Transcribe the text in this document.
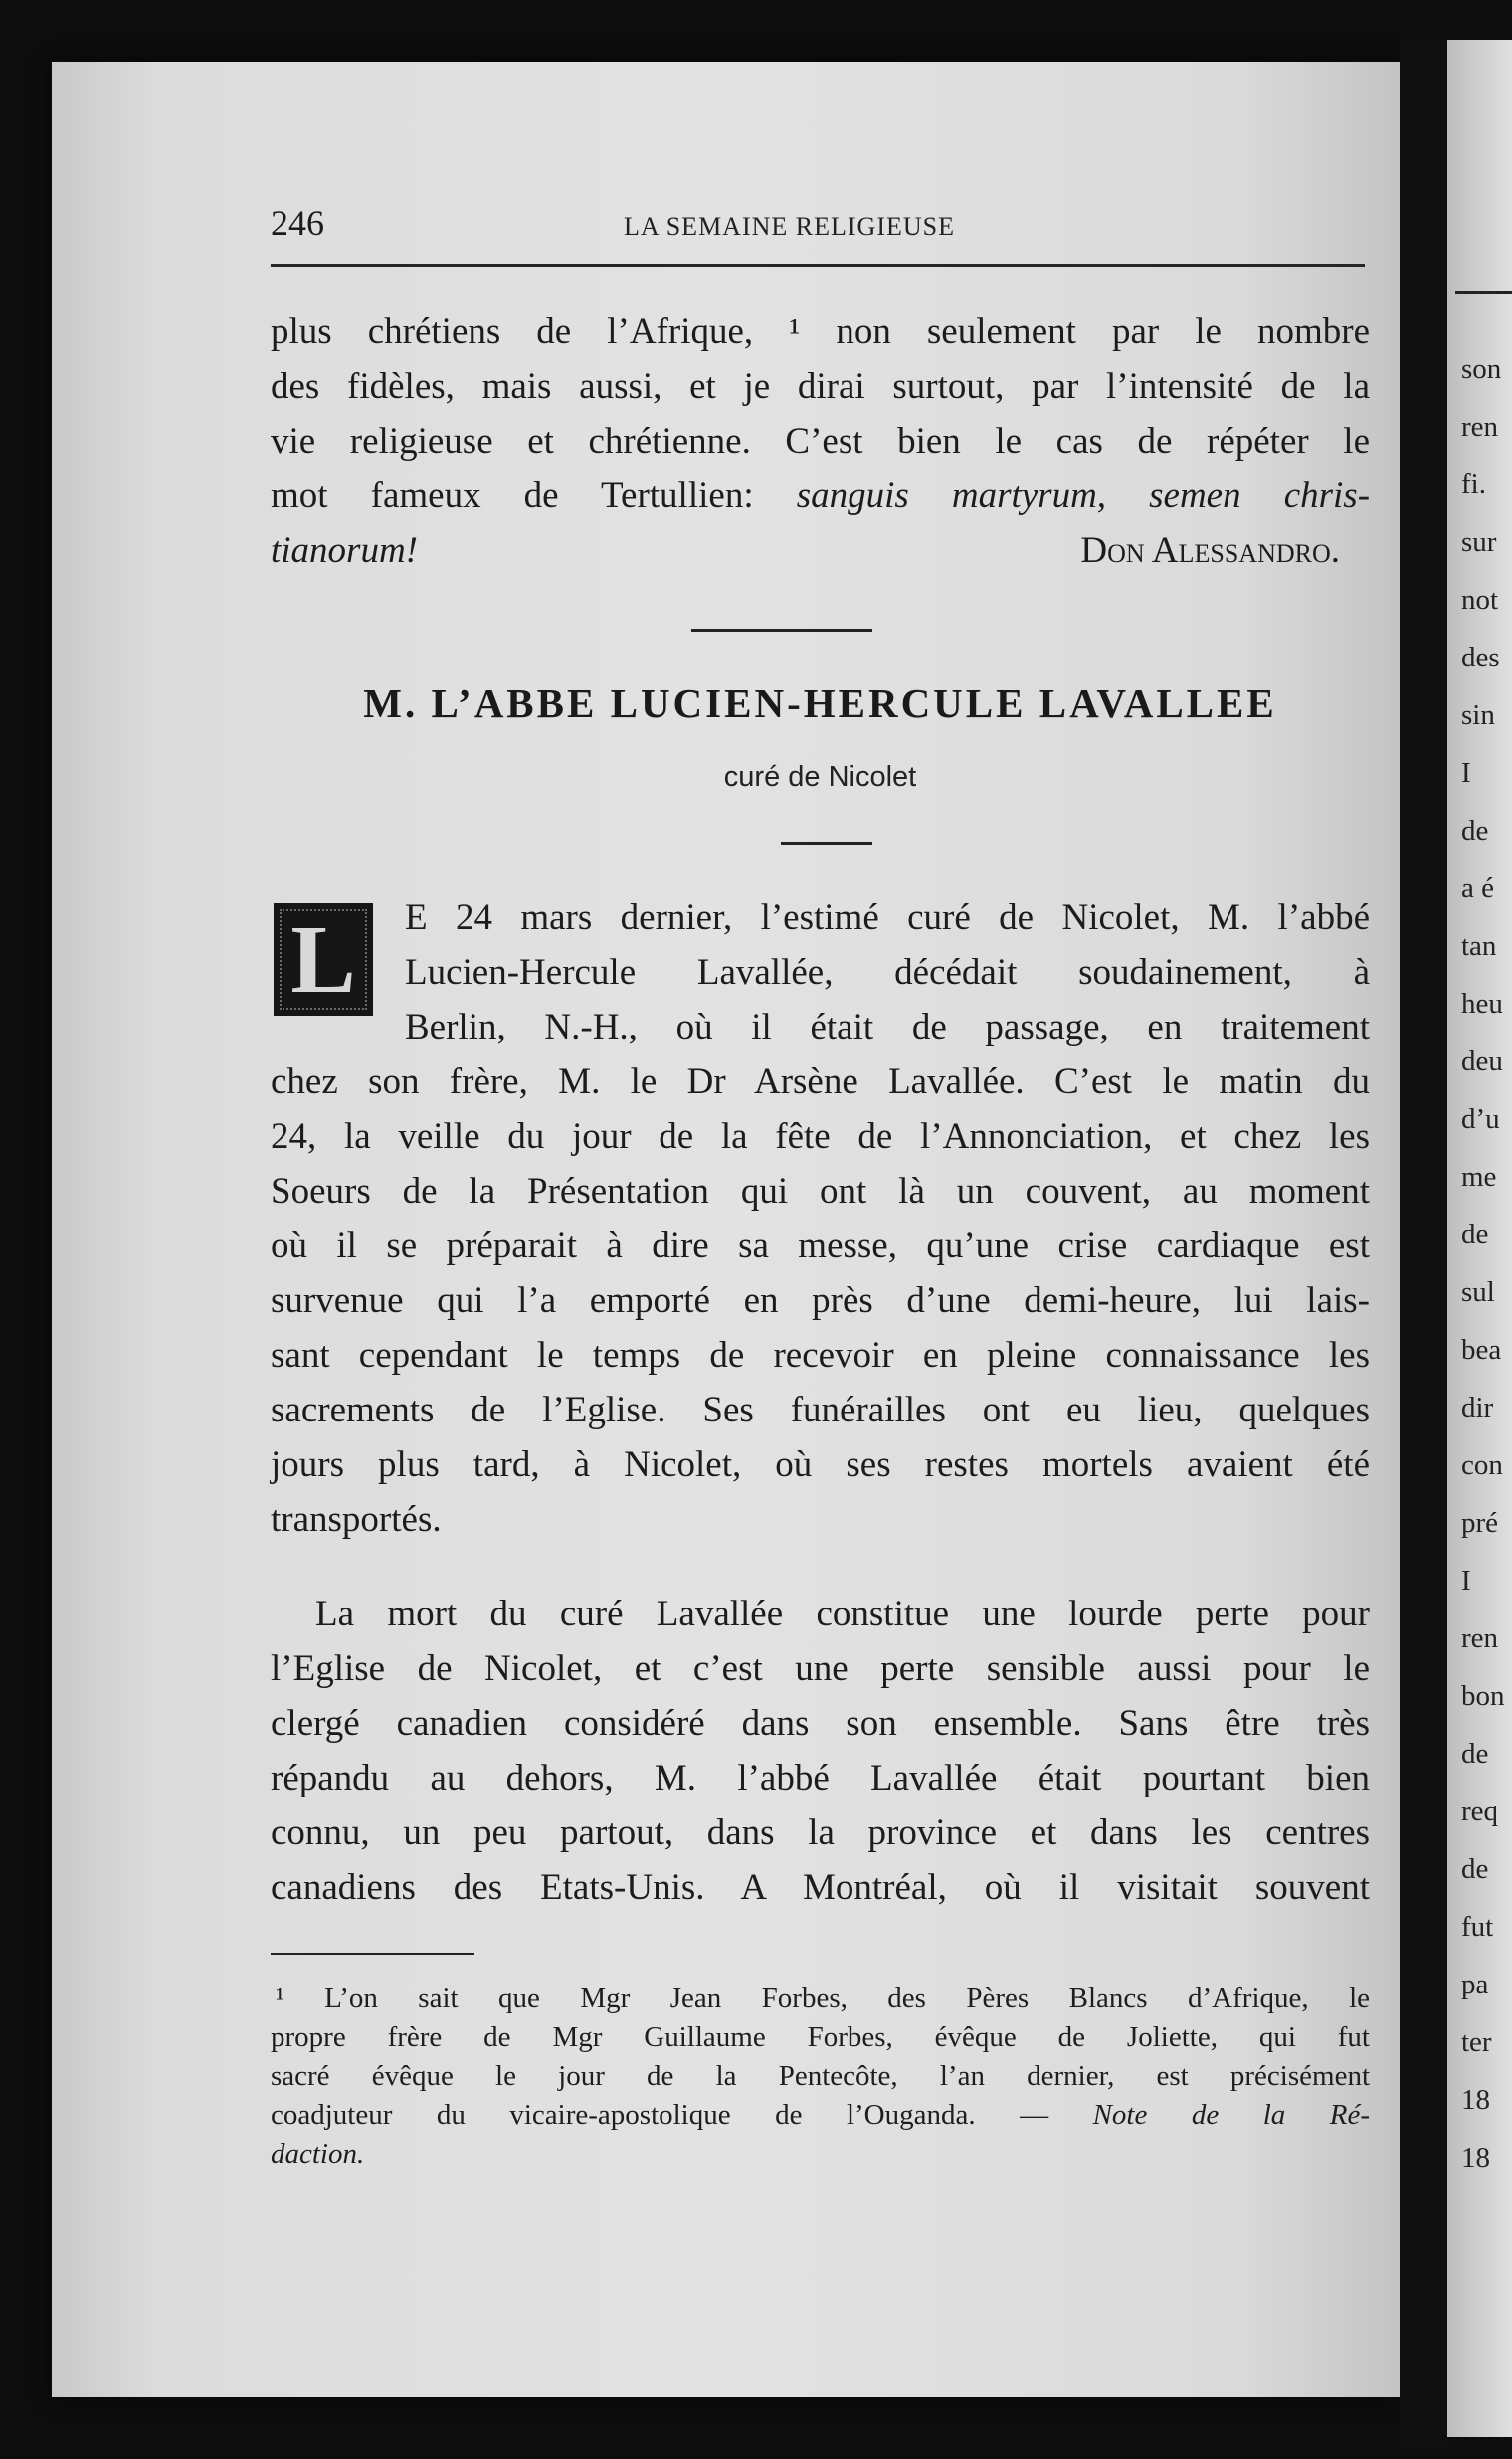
son
ren
fi.
sur
not
des
sin
I
de
a é
tan
heu
deu
d’u
me
de
sul
bea
dir
con
pré
I
ren
bon
de
req
de
fut
pa
ter
18
18
246	LA SEMAINE RELIGIEUSE
plus chrétiens de l’Afrique, ¹ non seulement par le nombre
des fidèles, mais aussi, et je dirai surtout, par l’intensité de la
vie religieuse et chrétienne. C’est bien le cas de répéter le
mot fameux de Tertullien: sanguis martyrum, semen chris-
tianorum!	Don Alessandro.
M. L’ABBE LUCIEN-HERCULE LAVALLEE
curé de Nicolet
L	E 24 mars dernier, l’estimé curé de Nicolet, M. l’abbé
Lucien-Hercule Lavallée, décédait soudainement, à
Berlin, N.-H., où il était de passage, en traitement
chez son frère, M. le Dr Arsène Lavallée. C’est le matin du
24, la veille du jour de la fête de l’Annonciation, et chez les
Soeurs de la Présentation qui ont là un couvent, au moment
où il se préparait à dire sa messe, qu’une crise cardiaque est
survenue qui l’a emporté en près d’une demi-heure, lui lais-
sant cependant le temps de recevoir en pleine connaissance les
sacrements de l’Eglise. Ses funérailles ont eu lieu, quelques
jours plus tard, à Nicolet, où ses restes mortels avaient été
transportés.
La mort du curé Lavallée constitue une lourde perte pour
l’Eglise de Nicolet, et c’est une perte sensible aussi pour le
clergé canadien considéré dans son ensemble. Sans être très
répandu au dehors, M. l’abbé Lavallée était pourtant bien
connu, un peu partout, dans la province et dans les centres
canadiens des Etats-Unis. A Montréal, où il visitait souvent
¹ L’on sait que Mgr Jean Forbes, des Pères Blancs d’Afrique, le
propre frère de Mgr Guillaume Forbes, évêque de Joliette, qui fut
sacré évêque le jour de la Pentecôte, l’an dernier, est précisément
coadjuteur du vicaire-apostolique de l’Ouganda. — Note de la Ré-
daction.
